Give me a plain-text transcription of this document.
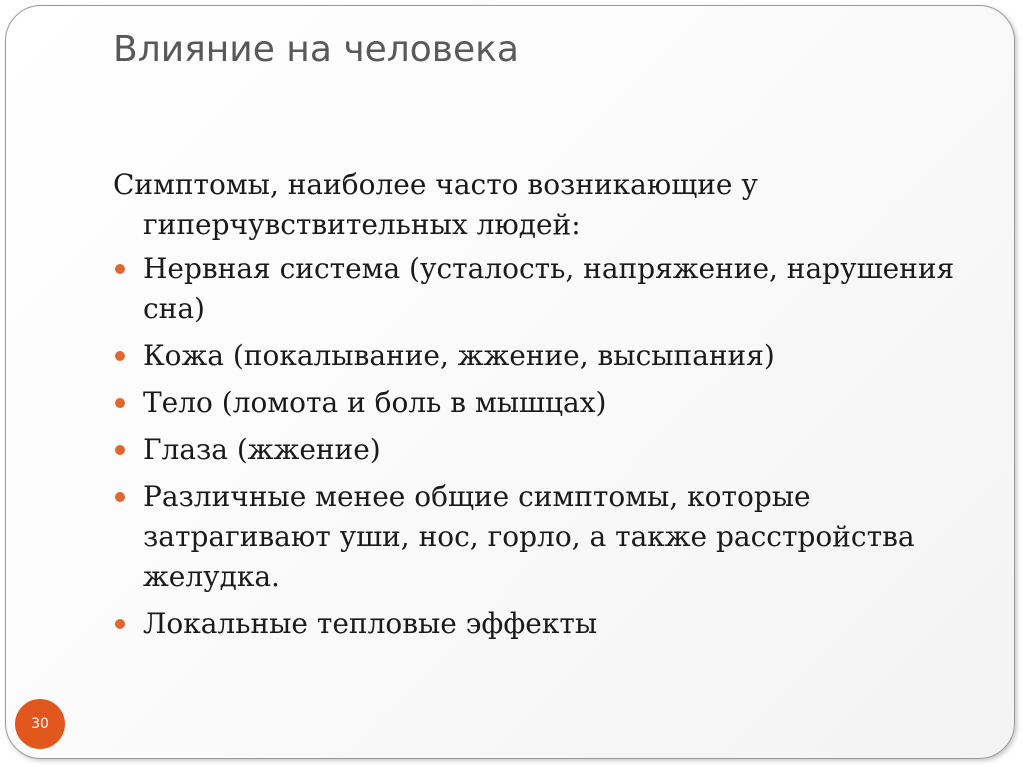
Влияние на человека

Симптомы, наиболее часто возникающие у гиперчувствительных людей:

Нервная система (усталость, напряжение, нарушения сна)
Кожа (покалывание, жжение, высыпания)
Тело (ломота и боль в мышцах)
Глаза (жжение)
Различные менее общие симптомы, которые затрагивают уши, нос, горло, а также расстройства желудка.
Локальные тепловые эффекты
30
